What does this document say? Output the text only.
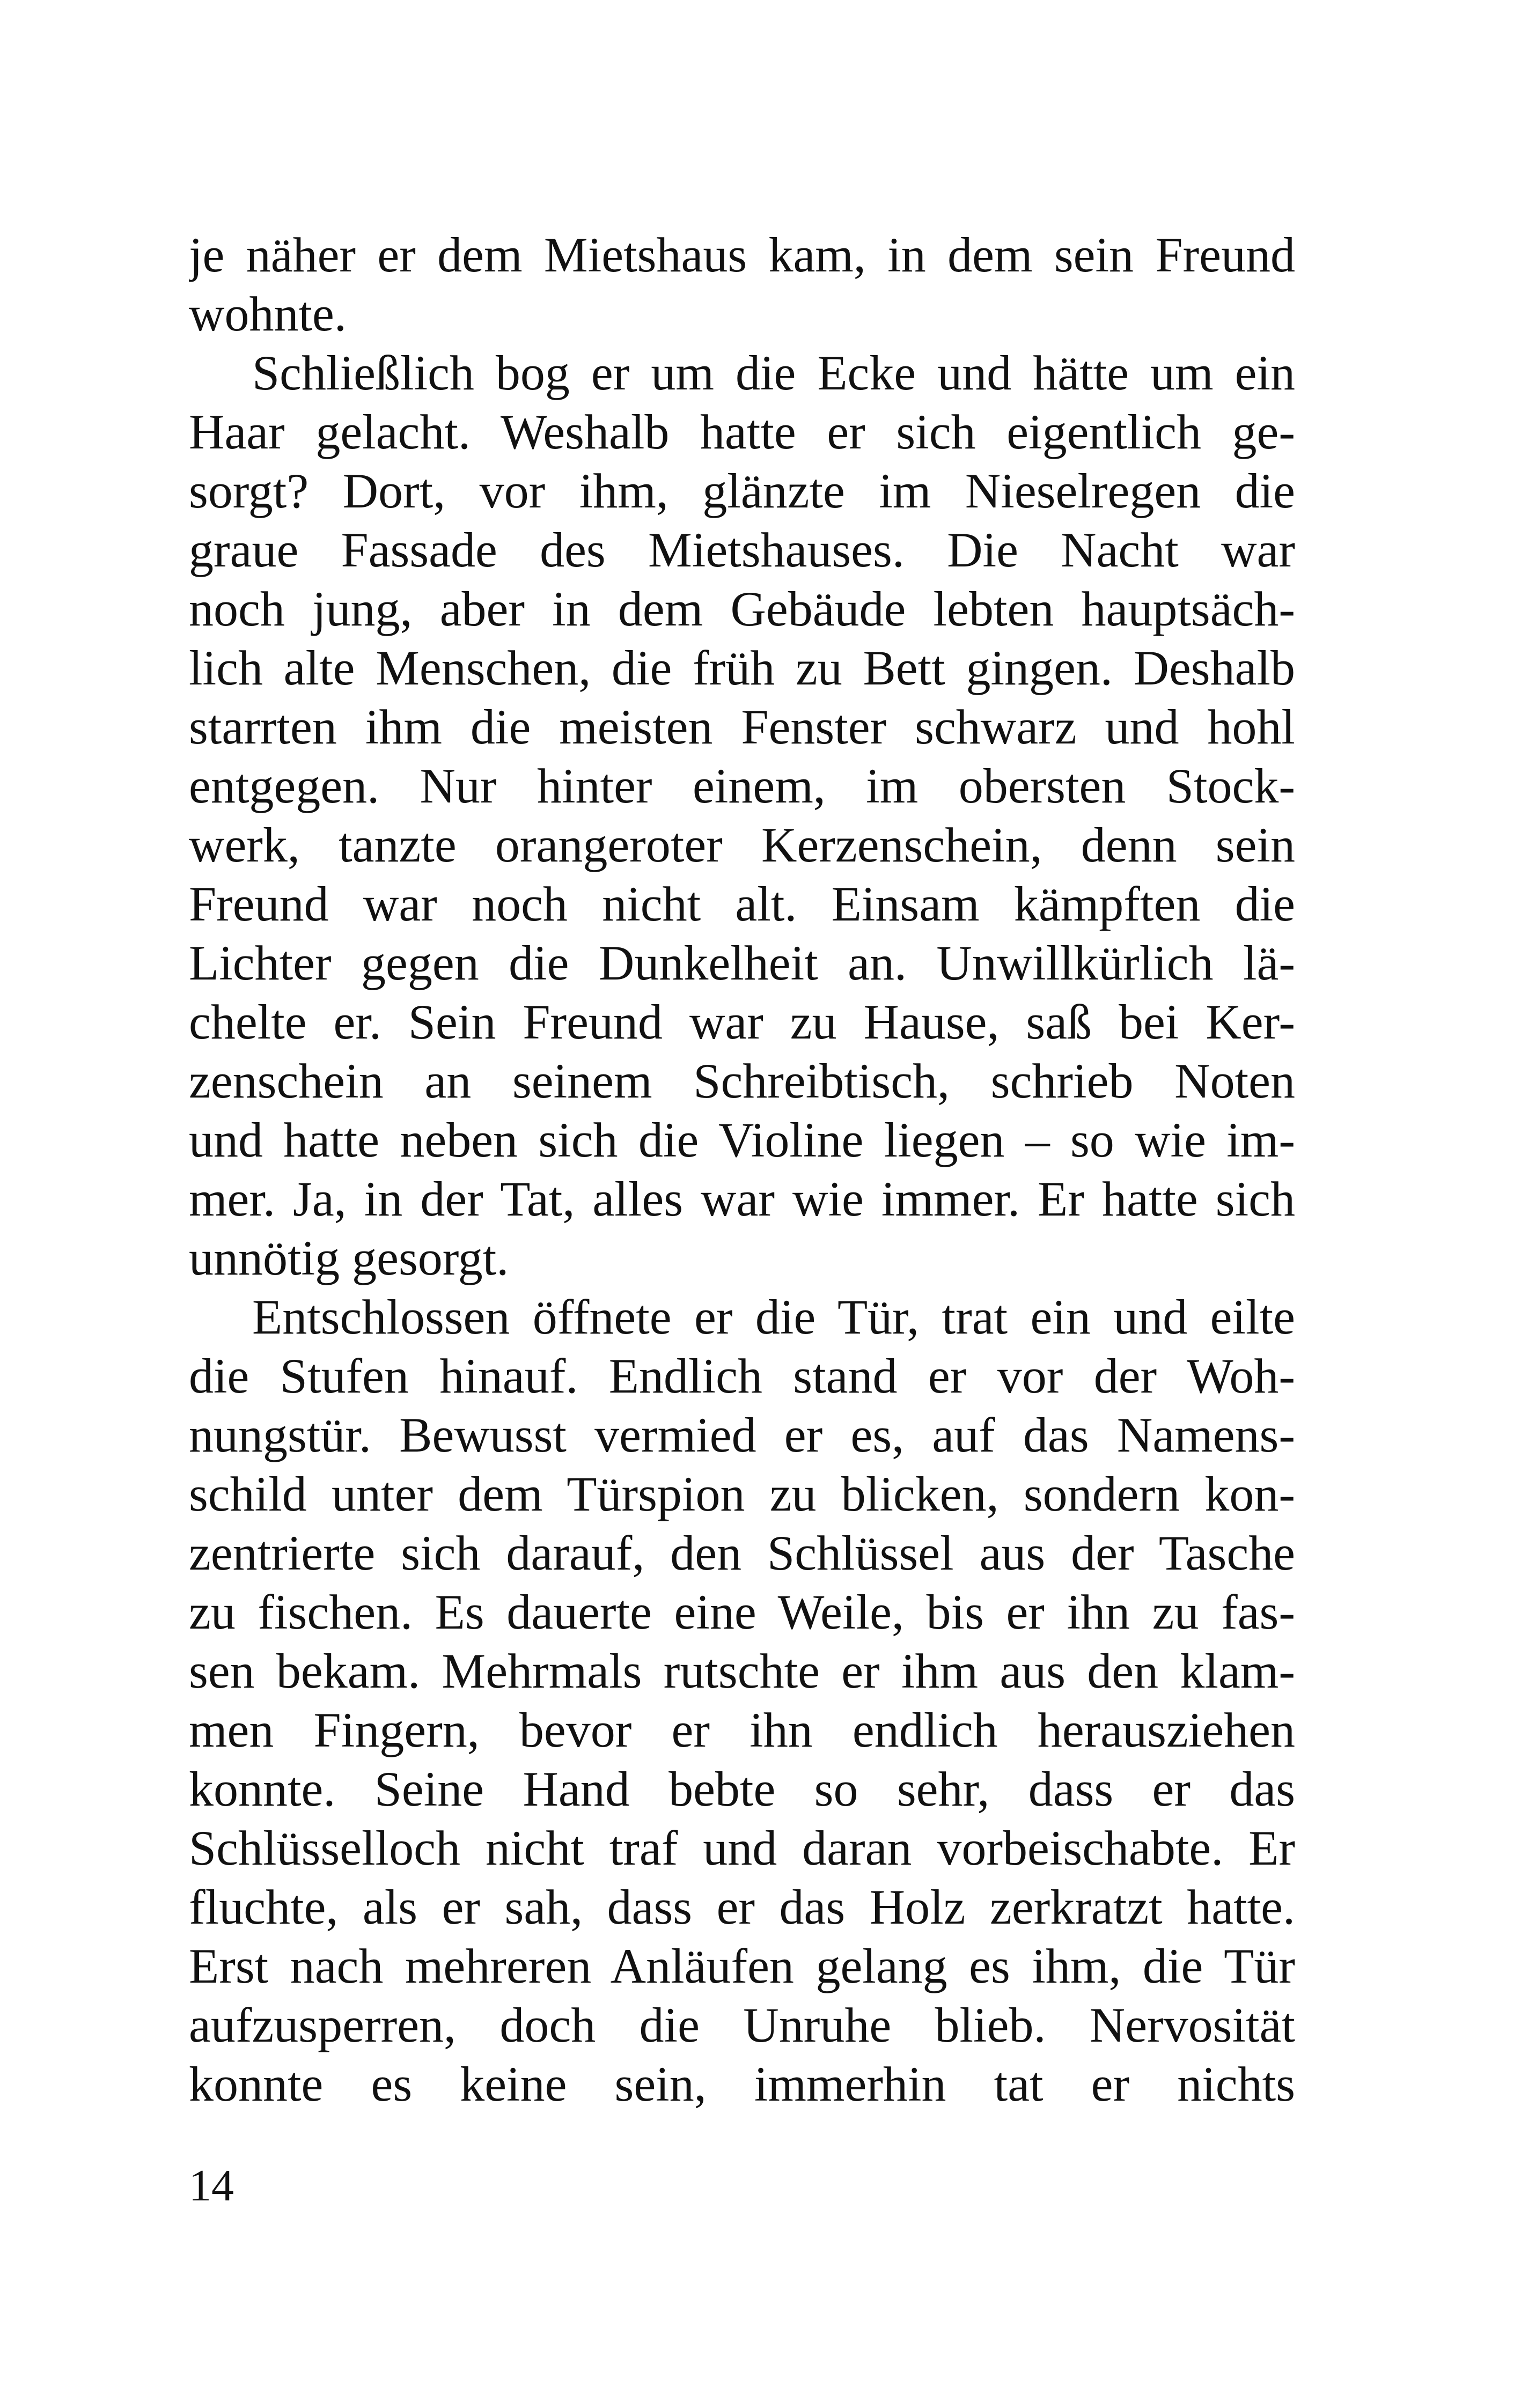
je näher er dem Mietshaus kam, in dem sein Freund
wohnte.
Schließlich bog er um die Ecke und hätte um ein
Haar gelacht. Weshalb hatte er sich eigentlich ge-
sorgt? Dort, vor ihm, glänzte im Nieselregen die
graue Fassade des Mietshauses. Die Nacht war
noch jung, aber in dem Gebäude lebten hauptsäch-
lich alte Menschen, die früh zu Bett gingen. Deshalb
starrten ihm die meisten Fenster schwarz und hohl
entgegen. Nur hinter einem, im obersten Stock-
werk, tanzte orangeroter Kerzenschein, denn sein
Freund war noch nicht alt. Einsam kämpften die
Lichter gegen die Dunkelheit an. Unwillkürlich lä-
chelte er. Sein Freund war zu Hause, saß bei Ker-
zenschein an seinem Schreibtisch, schrieb Noten
und hatte neben sich die Violine liegen – so wie im-
mer. Ja, in der Tat, alles war wie immer. Er hatte sich
unnötig gesorgt.
Entschlossen öffnete er die Tür, trat ein und eilte
die Stufen hinauf. Endlich stand er vor der Woh-
nungstür. Bewusst vermied er es, auf das Namens-
schild unter dem Türspion zu blicken, sondern kon-
zentrierte sich darauf, den Schlüssel aus der Tasche
zu fischen. Es dauerte eine Weile, bis er ihn zu fas-
sen bekam. Mehrmals rutschte er ihm aus den klam-
men Fingern, bevor er ihn endlich herausziehen
konnte. Seine Hand bebte so sehr, dass er das
Schlüsselloch nicht traf und daran vorbeischabte. Er
fluchte, als er sah, dass er das Holz zerkratzt hatte.
Erst nach mehreren Anläufen gelang es ihm, die Tür
aufzusperren, doch die Unruhe blieb. Nervosität
konnte es keine sein, immerhin tat er nichts
14
